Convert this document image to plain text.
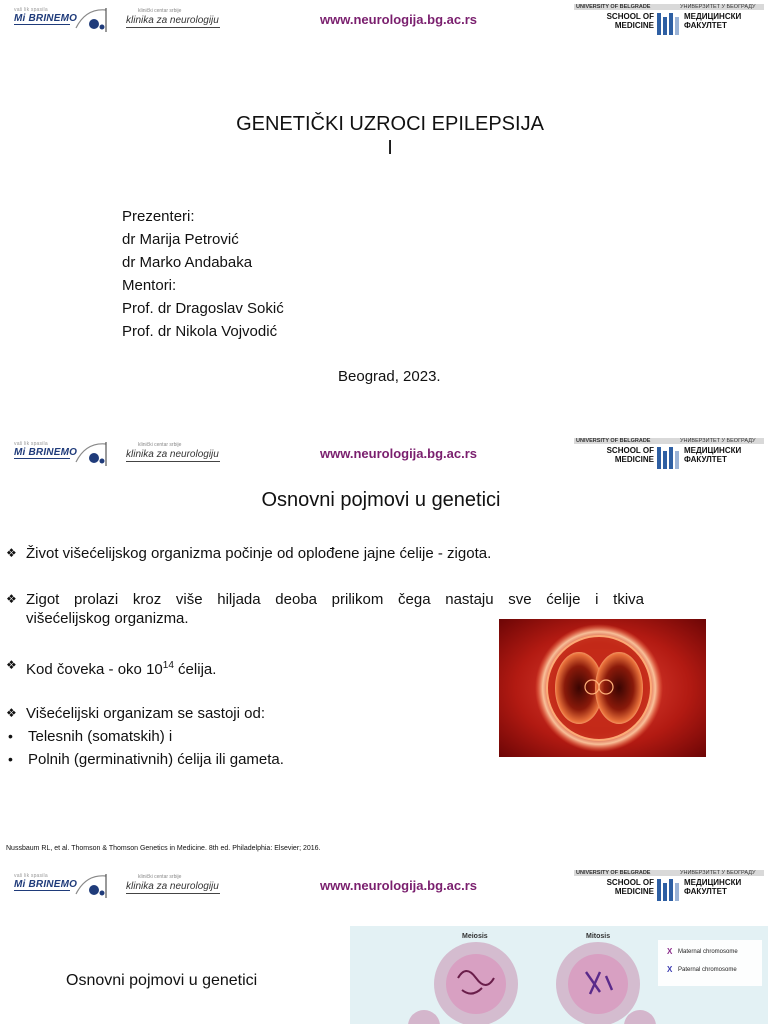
vaš lik spasila
Mi BRINEMO
klinički centar srbije
klinika za neurologiju	www.neurologija.bg.ac.rs
UNIVERSITY OF BELGRADE	УНИВЕРЗИТЕТ У БЕОГРАДУ
SCHOOL OF
MEDICINE
МЕДИЦИНСКИ
ФАКУЛТЕТ
GENETIČKI UZROCI EPILEPSIJA
I
Prezenteri:
dr Marija Petrović
dr Marko Andabaka
Mentori:
Prof. dr Dragoslav Sokić
Prof. dr Nikola Vojvodić
Beograd, 2023.
vaš lik spasila
Mi BRINEMO
klinički centar srbije
klinika za neurologiju	www.neurologija.bg.ac.rs
UNIVERSITY OF BELGRADE	УНИВЕРЗИТЕТ У БЕОГРАДУ
SCHOOL OF
MEDICINE
МЕДИЦИНСКИ
ФАКУЛТЕТ
Osnovni pojmovi u genetici
❖ Život višećelijskog organizma počinje od oplođene jajne ćelije - zigota.
❖ Zigot prolazi kroz više hiljada deoba prilikom čega nastaju sve ćelije i tkiva
višećelijskog organizma.
❖ Kod čoveka - oko $10^{14}$ ćelija.
❖ Višećelijski organizam se sastoji od:
•	Telesnih (somatskih) i
•	Polnih (germinativnih) ćelija ili gameta.
Nussbaum RL, et al. Thomson & Thomson Genetics in Medicine. 8th ed. Philadelphia: Elsevier; 2016.
vaš lik spasila
Mi BRINEMO
klinički centar srbije
klinika za neurologiju	www.neurologija.bg.ac.rs
UNIVERSITY OF BELGRADE	УНИВЕРЗИТЕТ У БЕОГРАДУ
SCHOOL OF
MEDICINE
МЕДИЦИНСКИ
ФАКУЛТЕТ
Osnovni pojmovi u genetici
Meiosis	Mitosis
X Maternal chromosome
X Paternal chromosome
